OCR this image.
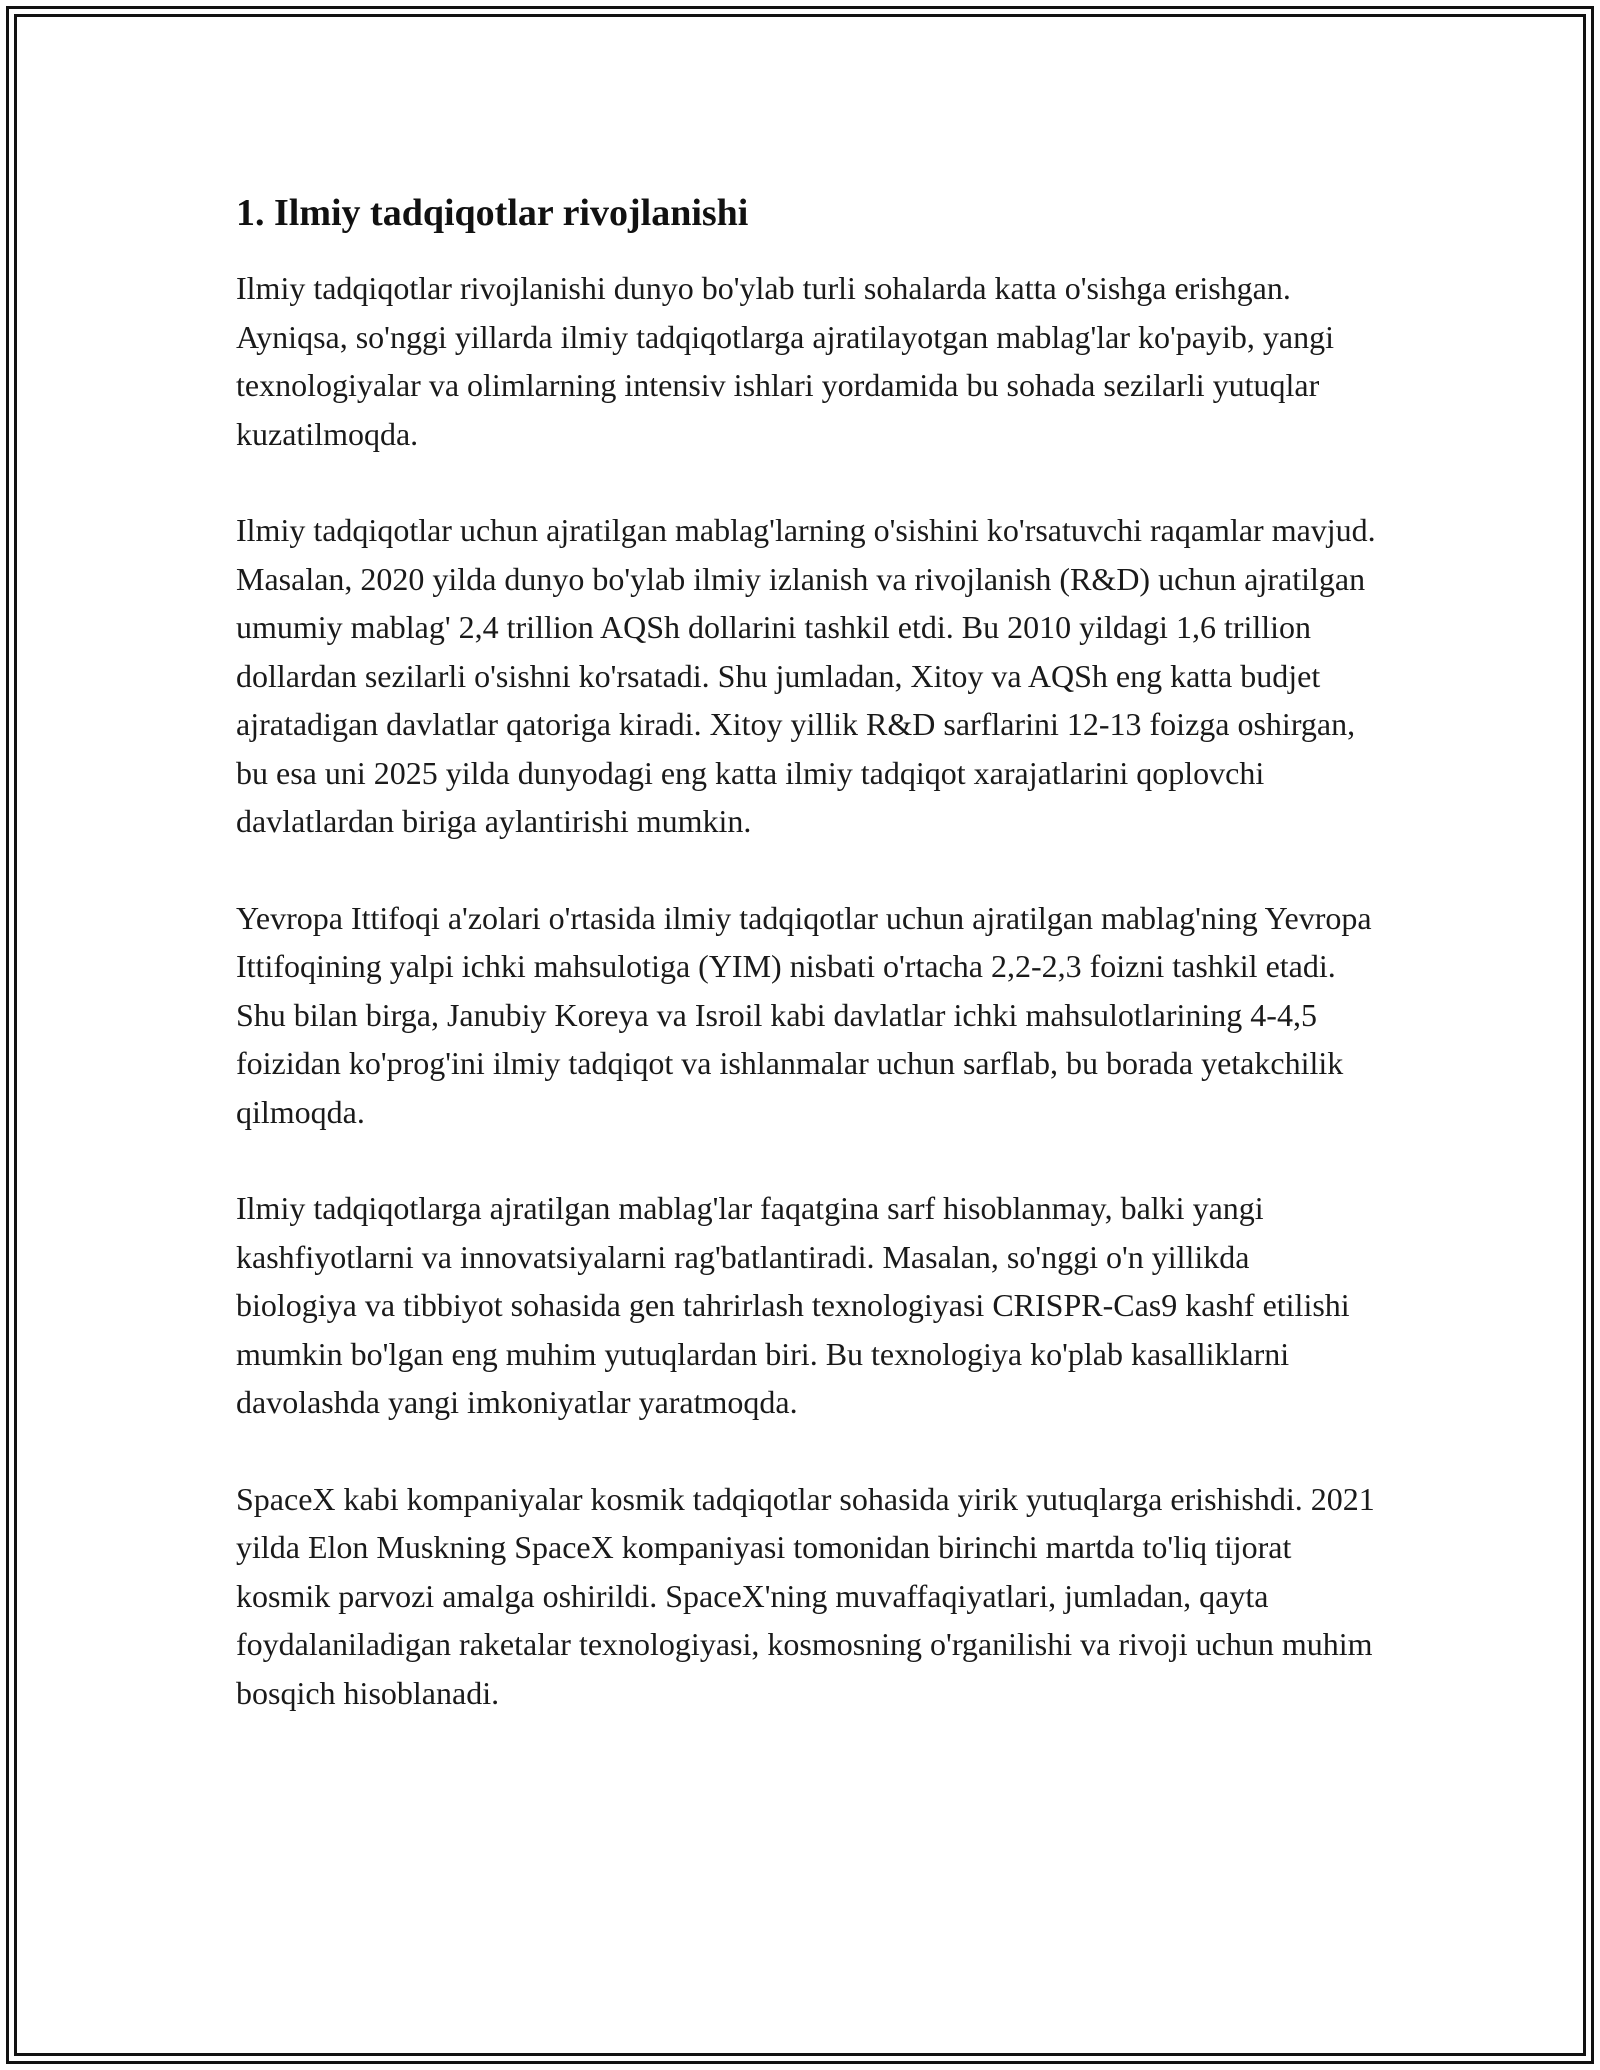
1. Ilmiy tadqiqotlar rivojlanishi

Ilmiy tadqiqotlar rivojlanishi dunyo bo'ylab turli sohalarda katta o'sishga erishgan. Ayniqsa, so'nggi yillarda ilmiy tadqiqotlarga ajratilayotgan mablag'lar ko'payib, yangi texnologiyalar va olimlarning intensiv ishlari yordamida bu sohada sezilarli yutuqlar kuzatilmoqda.

Ilmiy tadqiqotlar uchun ajratilgan mablag'larning o'sishini ko'rsatuvchi raqamlar mavjud. Masalan, 2020 yilda dunyo bo'ylab ilmiy izlanish va rivojlanish (R&D) uchun ajratilgan umumiy mablag' 2,4 trillion AQSh dollarini tashkil etdi. Bu 2010 yildagi 1,6 trillion dollardan sezilarli o'sishni ko'rsatadi. Shu jumladan, Xitoy va AQSh eng katta budjet ajratadigan davlatlar qatoriga kiradi. Xitoy yillik R&D sarflarini 12-13 foizga oshirgan, bu esa uni 2025 yilda dunyodagi eng katta ilmiy tadqiqot xarajatlarini qoplovchi davlatlardan biriga aylantirishi mumkin.

Yevropa Ittifoqi a'zolari o'rtasida ilmiy tadqiqotlar uchun ajratilgan mablag'ning Yevropa Ittifoqining yalpi ichki mahsulotiga (YIM) nisbati o'rtacha 2,2-2,3 foizni tashkil etadi. Shu bilan birga, Janubiy Koreya va Isroil kabi davlatlar ichki mahsulotlarining 4-4,5 foizidan ko'prog'ini ilmiy tadqiqot va ishlanmalar uchun sarflab, bu borada yetakchilik qilmoqda.

Ilmiy tadqiqotlarga ajratilgan mablag'lar faqatgina sarf hisoblanmay, balki yangi kashfiyotlarni va innovatsiyalarni rag'batlantiradi. Masalan, so'nggi o'n yillikda biologiya va tibbiyot sohasida gen tahrirlash texnologiyasi CRISPR-Cas9 kashf etilishi mumkin bo'lgan eng muhim yutuqlardan biri. Bu texnologiya ko'plab kasalliklarni davolashda yangi imkoniyatlar yaratmoqda.

SpaceX kabi kompaniyalar kosmik tadqiqotlar sohasida yirik yutuqlarga erishishdi. 2021 yilda Elon Muskning SpaceX kompaniyasi tomonidan birinchi martda to'liq tijorat kosmik parvozi amalga oshirildi. SpaceX'ning muvaffaqiyatlari, jumladan, qayta foydalaniladigan raketalar texnologiyasi, kosmosning o'rganilishi va rivoji uchun muhim bosqich hisoblanadi.
